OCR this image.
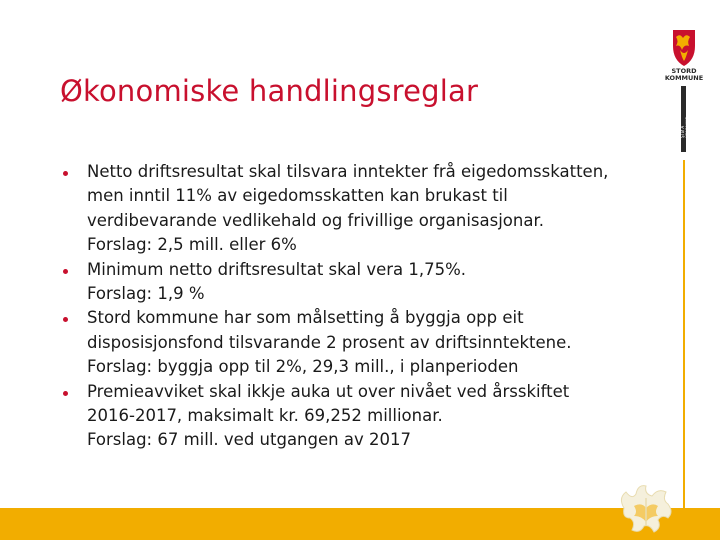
Økonomiske handlingsreglar
STORD
KOMMUNE
ŞTØ Ä KOMMUNE
Netto driftsresultat skal tilsvara inntekter frå eigedomsskatten,
men inntil 11% av eigedomsskatten kan brukast til
verdibevarande vedlikehald og frivillige organisasjonar.
Forslag: 2,5 mill. eller 6%
Minimum netto driftsresultat skal vera 1,75%.
Forslag: 1,9 %
Stord kommune har som målsetting å byggja opp eit
disposisjonsfond tilsvarande 2 prosent av driftsinntektene.
Forslag: byggja opp til 2%, 29,3 mill., i planperioden
Premieavviket skal ikkje auka ut over nivået ved årsskiftet
2016-2017, maksimalt kr. 69,252 millionar.
Forslag: 67 mill. ved utgangen av 2017
